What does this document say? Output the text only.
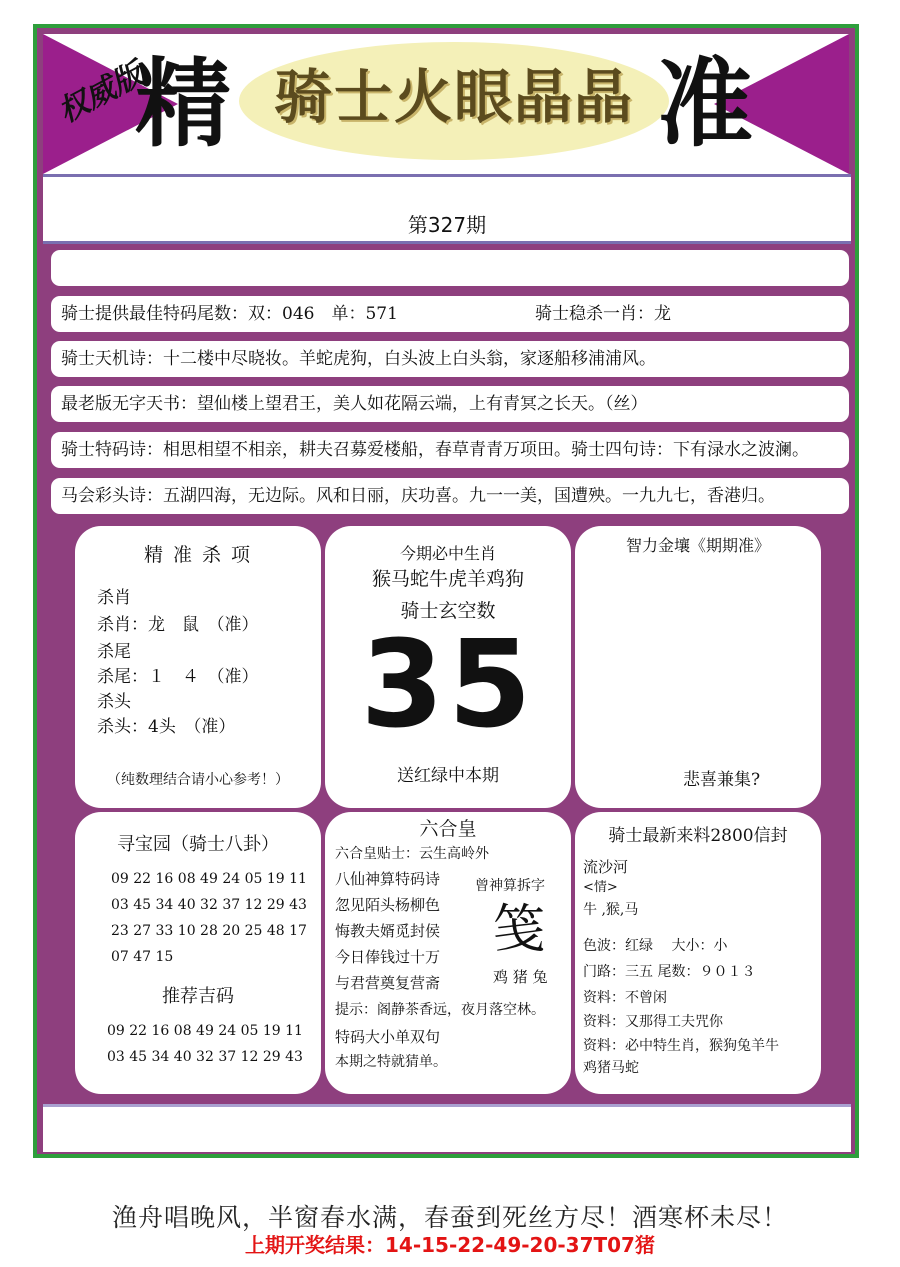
权威版
精 骑士火眼晶晶 准
第327期
骑士提供最佳特码尾数：双：046　单：571	骑士稳杀一肖：龙
骑士天机诗：十二楼中尽晓妆。羊蛇虎狗，白头波上白头翁，家逐船移浦浦风。
最老版无字天书：望仙楼上望君王，美人如花隔云端，上有青冥之长天。（丝）
骑士特码诗：相思相望不相亲，耕夫召募爱楼船，春草青青万项田。骑士四句诗：下有渌水之波澜。
马会彩头诗：五湖四海，无边际。风和日丽，庆功喜。九一一美，国遭殃。一九九七，香港归。
精 准 杀 项
杀肖
杀肖：龙　鼠　（准）
杀尾
杀尾：１　４　（准）
杀头
杀头：4头　（准）
（纯数理结合请小心参考！）
今期必中生肖
猴马蛇牛虎羊鸡狗
骑士玄空数
35
送红绿中本期
智力金壤《期期准》
悲喜兼集?
寻宝园（骑士八卦）
09 22 16 08 49 24 05 19 11
03 45 34 40 32 37 12 29 43
23 27 33 10 28 20 25 48 17
07 47 15
推荐吉码
09 22 16 08 49 24 05 19 11
03 45 34 40 32 37 12 29 43
六合皇
六合皇贴士：云生高岭外
八仙神算特码诗
忽见陌头杨柳色
悔教夫婿觅封侯
今日俸钱过十万
与君营奠复营斋
提示：阁静茶香远，夜月落空林。
特码大小单双句
本期之特就猜单。
曾神算拆字
笺
鸡 猪 兔
骑士最新来料2800信封
流沙河
<情>
牛 ,猴,马
色波：红绿　 大小：小
门路：三五 尾数：９０１３
资料：不曾闲
资料：又那得工夫咒你
资料：必中特生肖，猴狗兔羊牛
鸡猪马蛇
渔舟唱晚风，半窗春水满，春蚕到死丝方尽！酒寒杯未尽！
上期开奖结果：14-15-22-49-20-37T07猪
